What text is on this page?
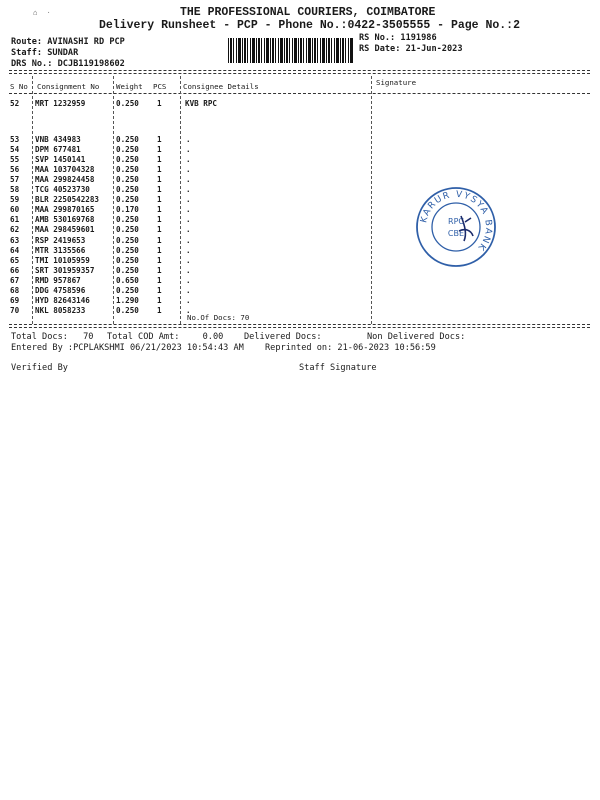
⌂  ·	THE PROFESSIONAL COURIERS, COIMBATORE
Delivery Runsheet - PCP - Phone No.:0422-3505555 - Page No.:2
Route: AVINASHI RD PCP
Staff: SUNDAR
DRS No.: DCJB119198602
RS No.: 1191986
RS Date: 21-Jun-2023
S No Consignment No Weight PCS Consignee Details	Signature
52 MRT 1232959	0.250 1	KVB RPC
53 VNB 434983	0.250 1	.
54 DPM 677481	0.250 1	.
55 SVP 1450141	0.250 1	.
56 MAA 103704328	0.250 1	.
57 MAA 299824458	0.250 1	.
58 TCG 40523730	0.250 1	.
59 BLR 2250542283 0.250 1	.
60 MAA 299870165	0.170 1	.
61 AMB 530169768	0.250 1	.
62 MAA 298459601	0.250 1	.
63 RSP 2419653	0.250 1	.
64 MTR 3135566	0.250 1	.
65 TMI 10105959	0.250 1	.
66 SRT 301959357	0.250 1	.
67 RMD 957867	0.650 1	.
68 DDG 4758596	0.250 1	.
69 HYD 82643146	1.290 1	.
70 NKL 8058233	0.250 1	.
No.Of Docs: 70
Total Docs: 70 Total COD Amt:	0.00 Delivered Docs:	Non Delivered Docs:
Entered By :PCPLAKSHMI 06/21/2023 10:54:43 AM Reprinted on: 21-06-2023 10:56:59
Verified By	Staff Signature
KARUR VYSYA BANK
RPC
CBE
